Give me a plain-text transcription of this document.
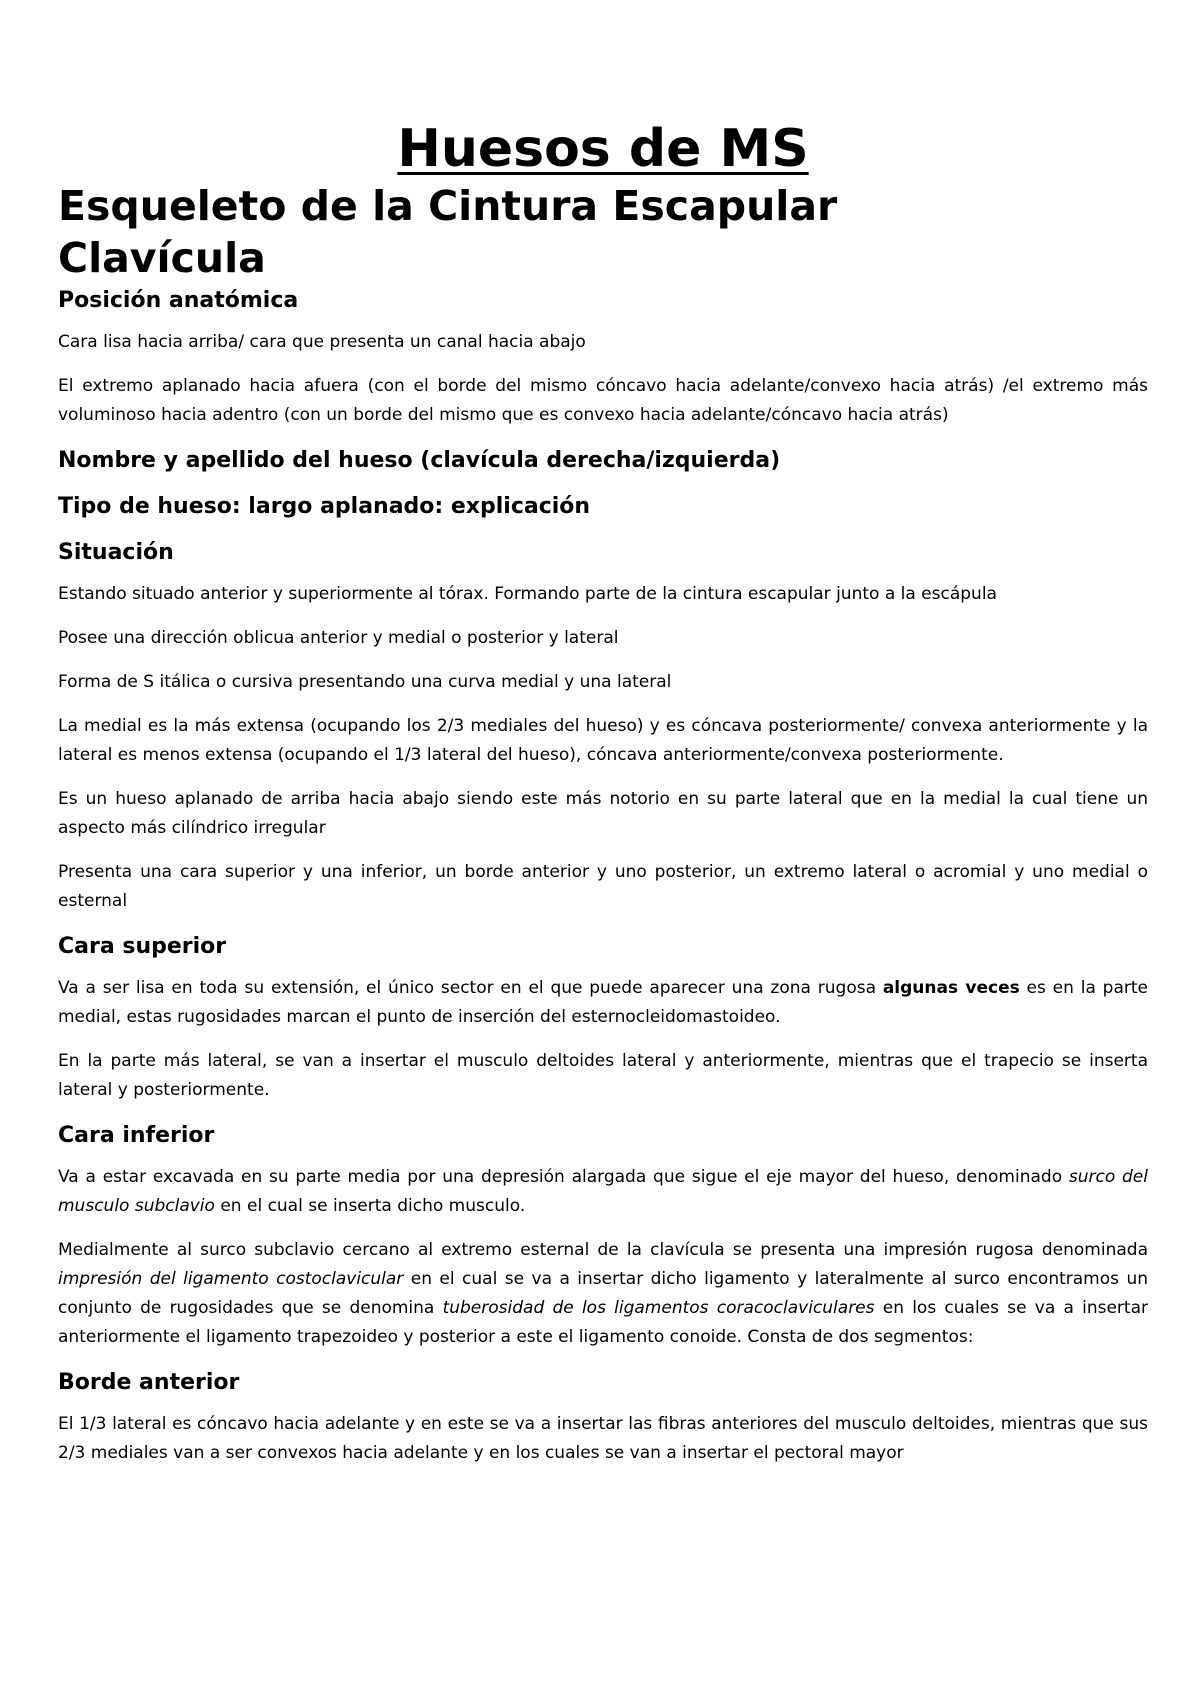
Huesos de MS
Esqueleto de la Cintura Escapular
Clavícula
Posición anatómica

Cara lisa hacia arriba/ cara que presenta un canal hacia abajo

El extremo aplanado hacia afuera (con el borde del mismo cóncavo hacia adelante/convexo hacia atrás) /el extremo más voluminoso hacia adentro (con un borde del mismo que es convexo hacia adelante/cóncavo hacia atrás)

Nombre y apellido del hueso (clavícula derecha/izquierda)
Tipo de hueso: largo aplanado: explicación
Situación

Estando situado anterior y superiormente al tórax. Formando parte de la cintura escapular junto a la escápula

Posee una dirección oblicua anterior y medial o posterior y lateral

Forma de S itálica o cursiva presentando una curva medial y una lateral

La medial es la más extensa (ocupando los 2/3 mediales del hueso) y es cóncava posteriormente/ convexa anteriormente y la lateral es menos extensa (ocupando el 1/3 lateral del hueso), cóncava anteriormente/convexa posteriormente.

Es un hueso aplanado de arriba hacia abajo siendo este más notorio en su parte lateral que en la medial la cual tiene un aspecto más cilíndrico irregular

Presenta una cara superior y una inferior, un borde anterior y uno posterior, un extremo lateral o acromial y uno medial o esternal

Cara superior

Va a ser lisa en toda su extensión, el único sector en el que puede aparecer una zona rugosa algunas veces es en la parte medial, estas rugosidades marcan el punto de inserción del esternocleidomastoideo.

En la parte más lateral, se van a insertar el musculo deltoides lateral y anteriormente, mientras que el trapecio se inserta lateral y posteriormente.

Cara inferior

Va a estar excavada en su parte media por una depresión alargada que sigue el eje mayor del hueso, denominado surco del musculo subclavio en el cual se inserta dicho musculo.

Medialmente al surco subclavio cercano al extremo esternal de la clavícula se presenta una impresión rugosa denominada impresión del ligamento costoclavicular en el cual se va a insertar dicho ligamento y lateralmente al surco encontramos un conjunto de rugosidades que se denomina tuberosidad de los ligamentos coracoclaviculares en los cuales se va a insertar anteriormente el ligamento trapezoideo y posterior a este el ligamento conoide. Consta de dos segmentos:

Borde anterior

El 1/3 lateral es cóncavo hacia adelante y en este se va a insertar las fibras anteriores del musculo deltoides, mientras que sus 2/3 mediales van a ser convexos hacia adelante y en los cuales se van a insertar el pectoral mayor
